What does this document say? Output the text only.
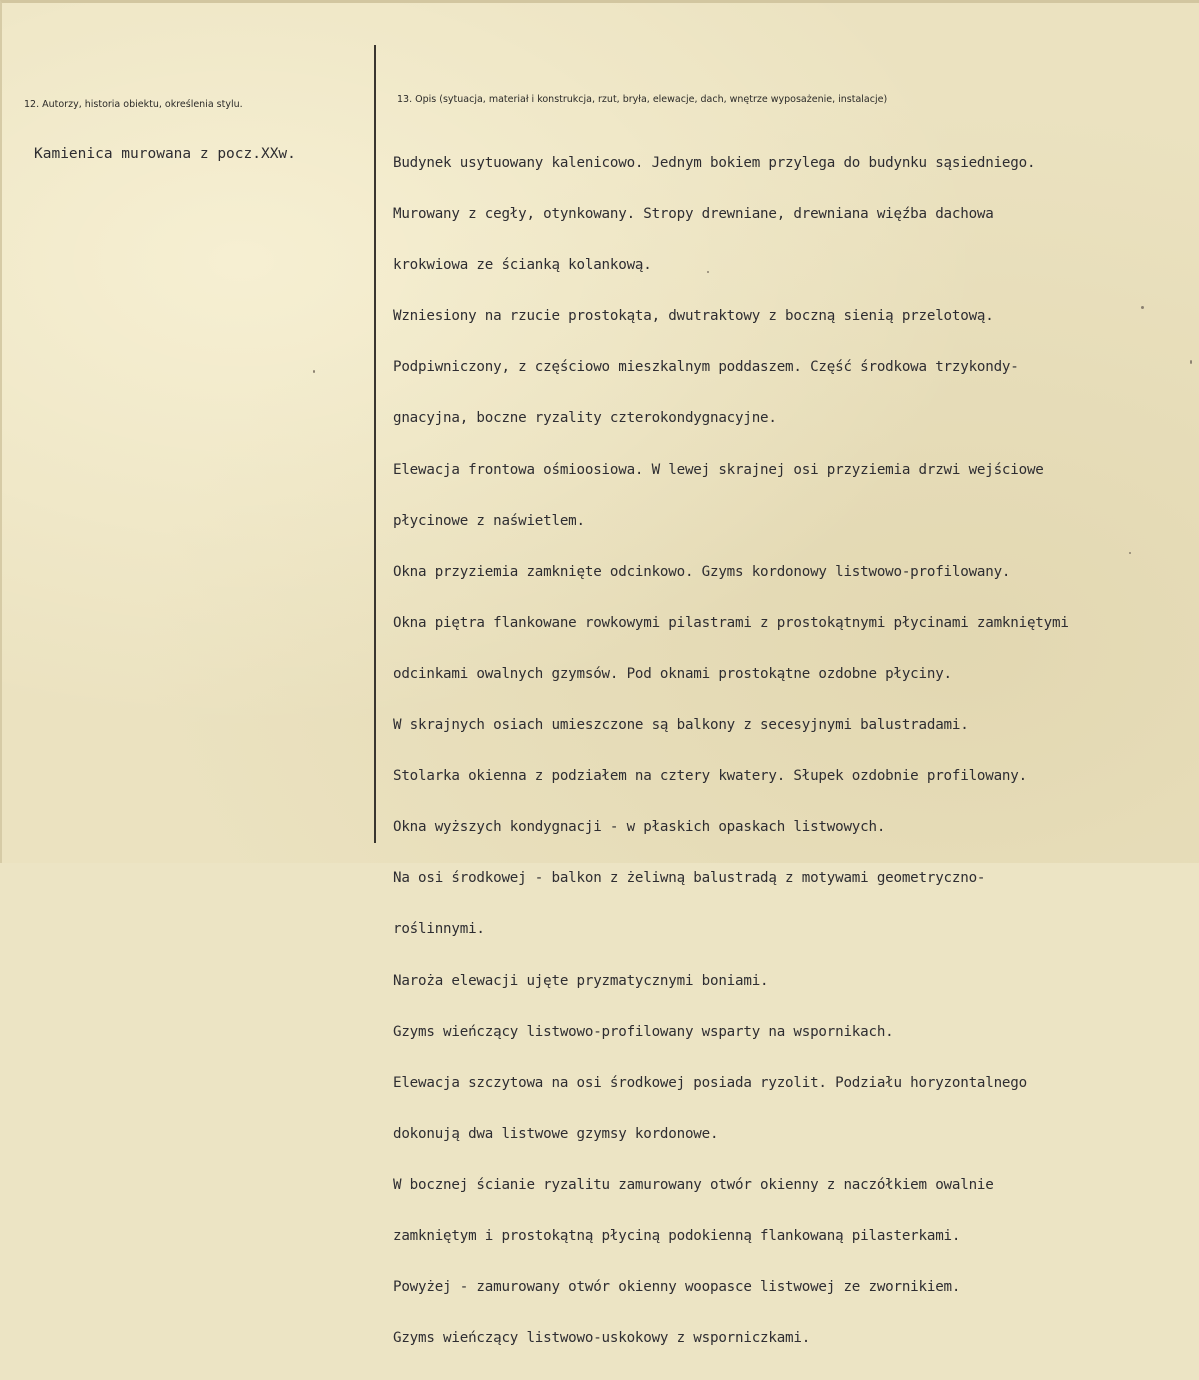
12. Autorzy, historia obiektu, określenia stylu.	13. Opis (sytuacja, materiał i konstrukcja, rzut, bryła, elewacje, dach, wnętrze wyposażenie, instalacje)
Kamienica murowana z pocz.XXw.

Budynek usytuowany kalenicowo. Jednym bokiem przylega do budynku sąsiedniego.

Murowany z cegły, otynkowany. Stropy drewniane, drewniana więźba dachowa

krokwiowa ze ścianką kolankową.

Wzniesiony na rzucie prostokąta, dwutraktowy z boczną sienią przelotową.

Podpiwniczony, z częściowo mieszkalnym poddaszem. Część środkowa trzykondy-

gnacyjna, boczne ryzality czterokondygnacyjne.

Elewacja frontowa ośmioosiowa. W lewej skrajnej osi przyziemia drzwi wejściowe

płycinowe z naświetlem.

Okna przyziemia zamknięte odcinkowo. Gzyms kordonowy listwowo-profilowany.

Okna piętra flankowane rowkowymi pilastrami z prostokątnymi płycinami zamkniętymi

odcinkami owalnych gzymsów. Pod oknami prostokątne ozdobne płyciny.

W skrajnych osiach umieszczone są balkony z secesyjnymi balustradami.

Stolarka okienna z podziałem na cztery kwatery. Słupek ozdobnie profilowany.

Okna wyższych kondygnacji - w płaskich opaskach listwowych.

Na osi środkowej - balkon z żeliwną balustradą z motywami geometryczno-

roślinnymi.

Naroża elewacji ujęte pryzmatycznymi boniami.

Gzyms wieńczący listwowo-profilowany wsparty na wspornikach.

Elewacja szczytowa na osi środkowej posiada ryzolit. Podziału horyzontalnego

dokonują dwa listwowe gzymsy kordonowe.

W bocznej ścianie ryzalitu zamurowany otwór okienny z naczółkiem owalnie

zamkniętym i prostokątną płyciną podokienną flankowaną pilasterkami.

Powyżej - zamurowany otwór okienny woopasce listwowej ze zwornikiem.

Gzyms wieńczący listwowo-uskokowy z wsporniczkami.
